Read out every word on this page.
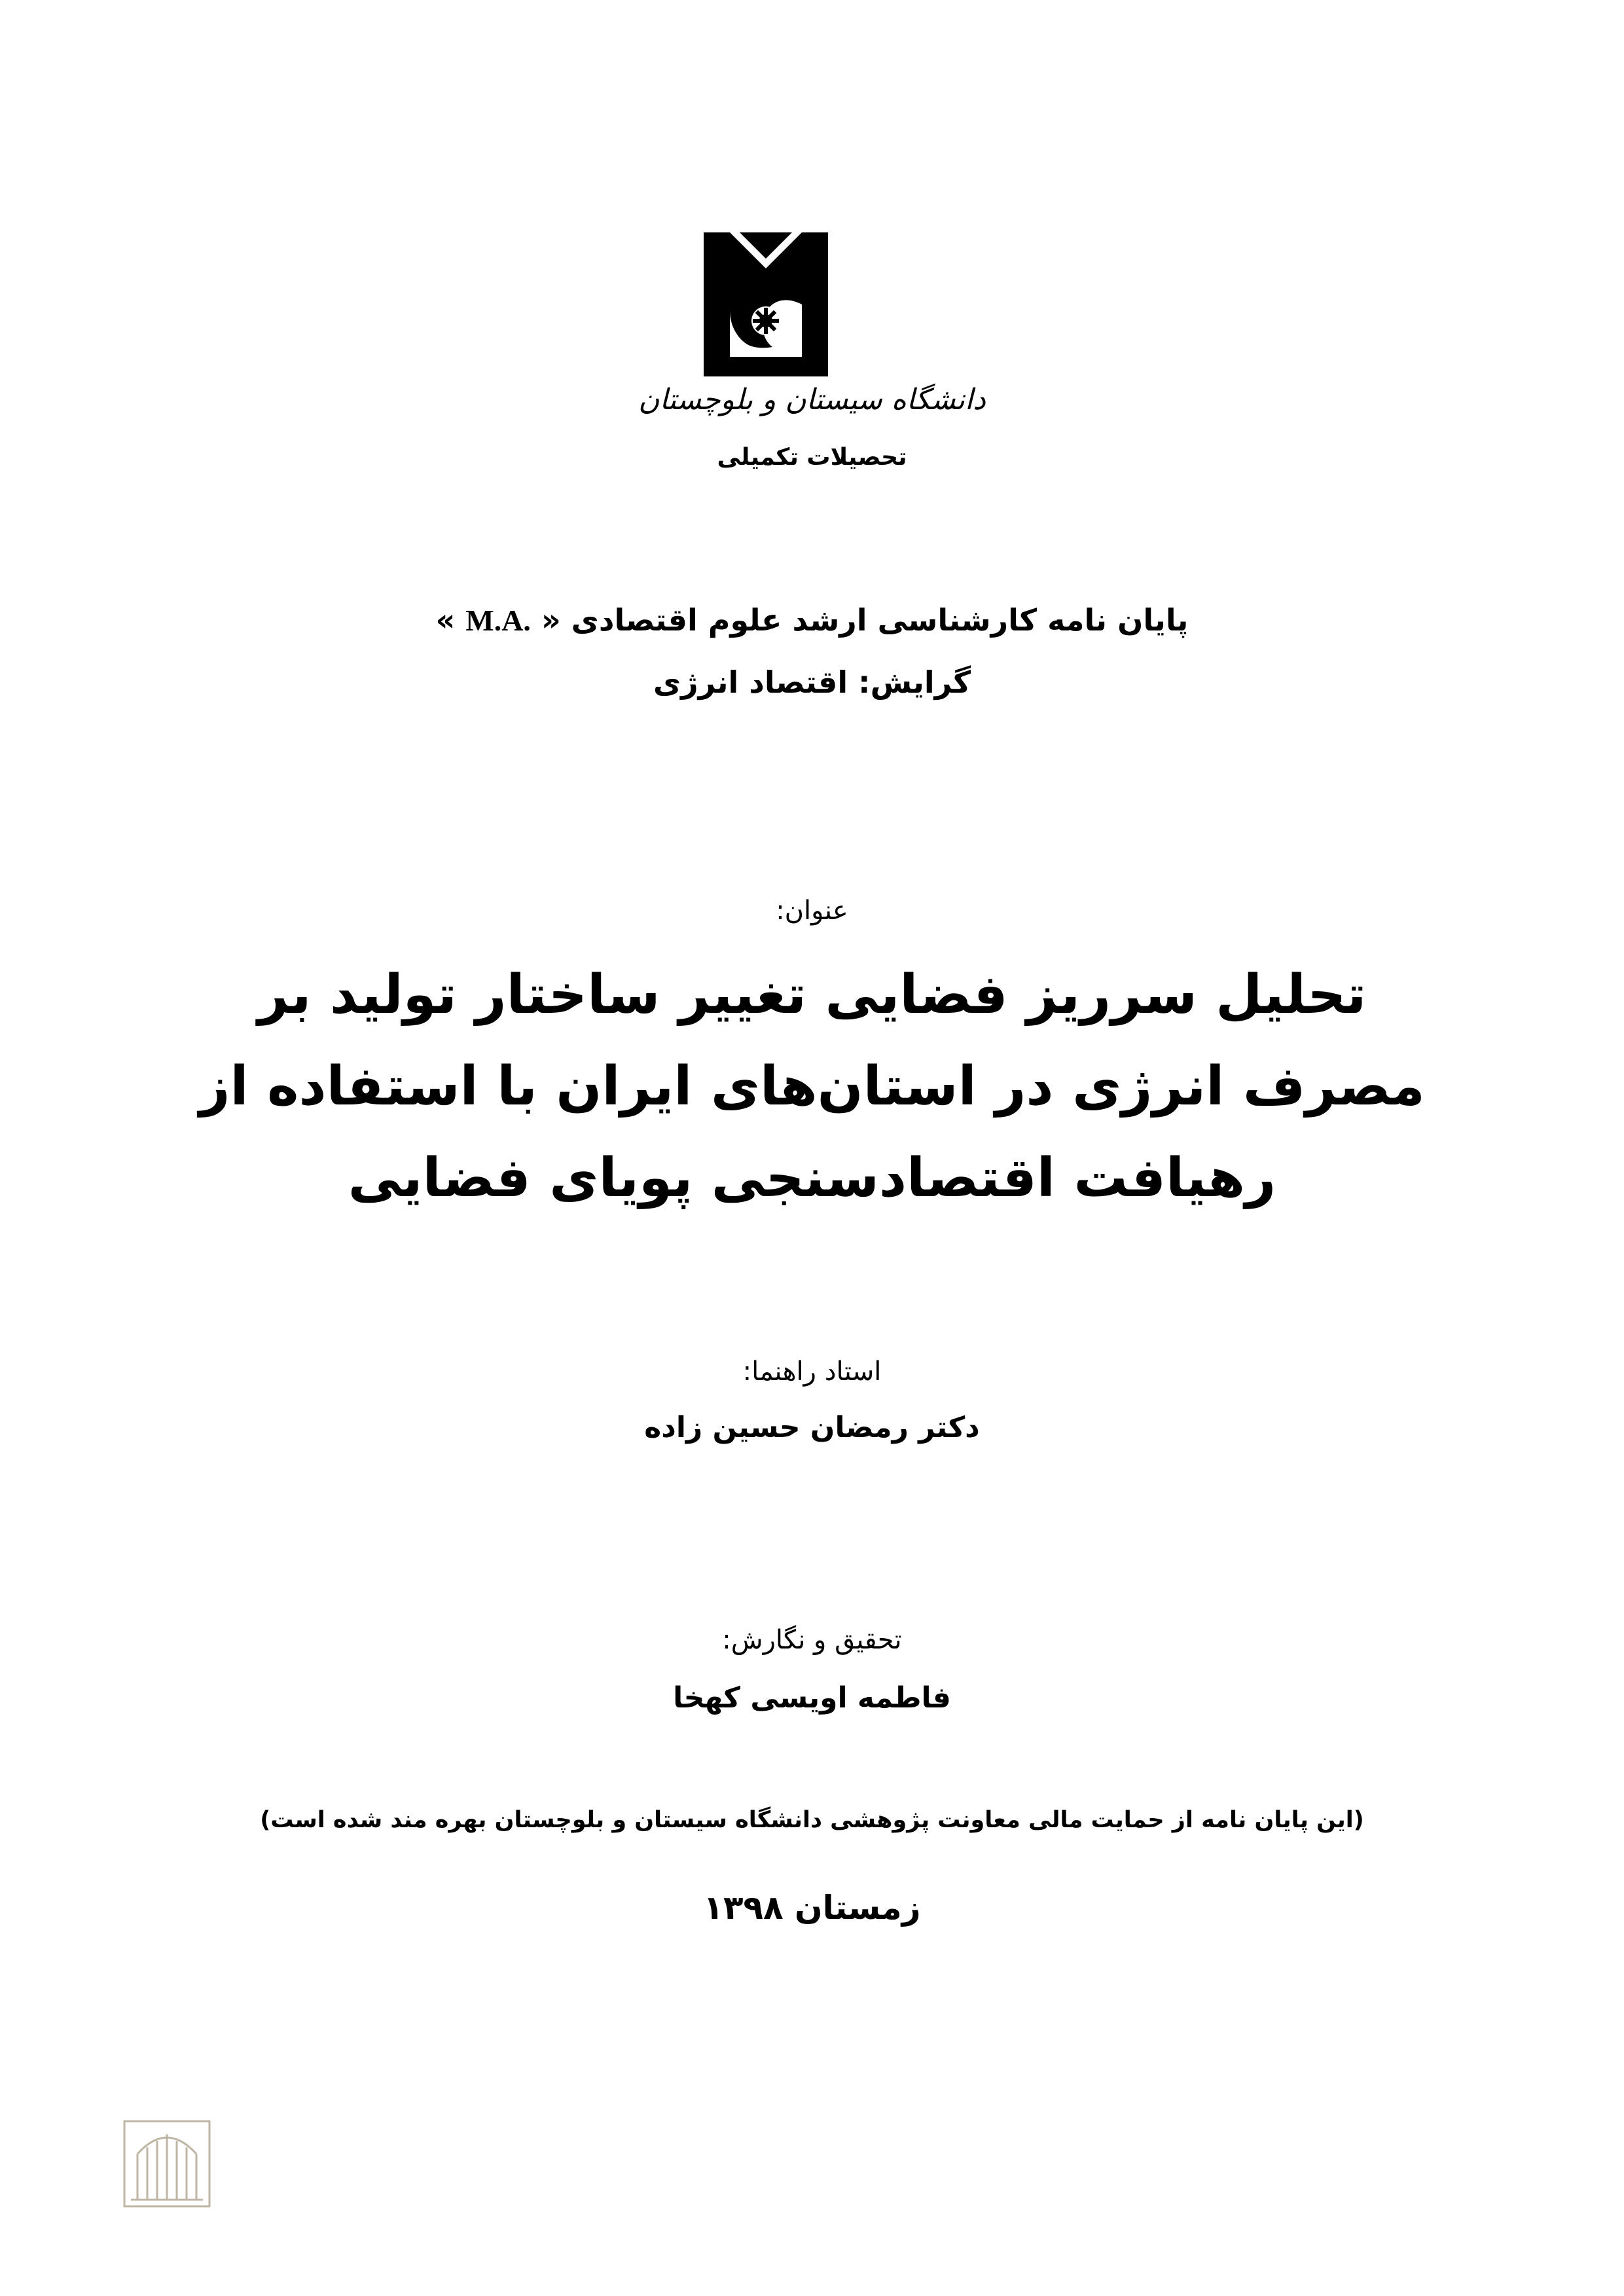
دانشگاه سیستان و بلوچستان
تحصیلات تکمیلی
پایان نامه کارشناسی ارشد علوم اقتصادی « M.A. »
گرایش: اقتصاد انرژی
عنوان:
تحلیل سرریز فضایی تغییر ساختار تولید بر
مصرف انرژی در استان‌های ایران با استفاده از
رهیافت اقتصادسنجی پویای فضایی
استاد راهنما:
دکتر رمضان حسین زاده
تحقیق و نگارش:
فاطمه اویسی کهخا
(این پایان نامه از حمایت مالی معاونت پژوهشی دانشگاه سیستان و بلوچستان بهره مند شده است)
زمستان ۱۳۹۸
